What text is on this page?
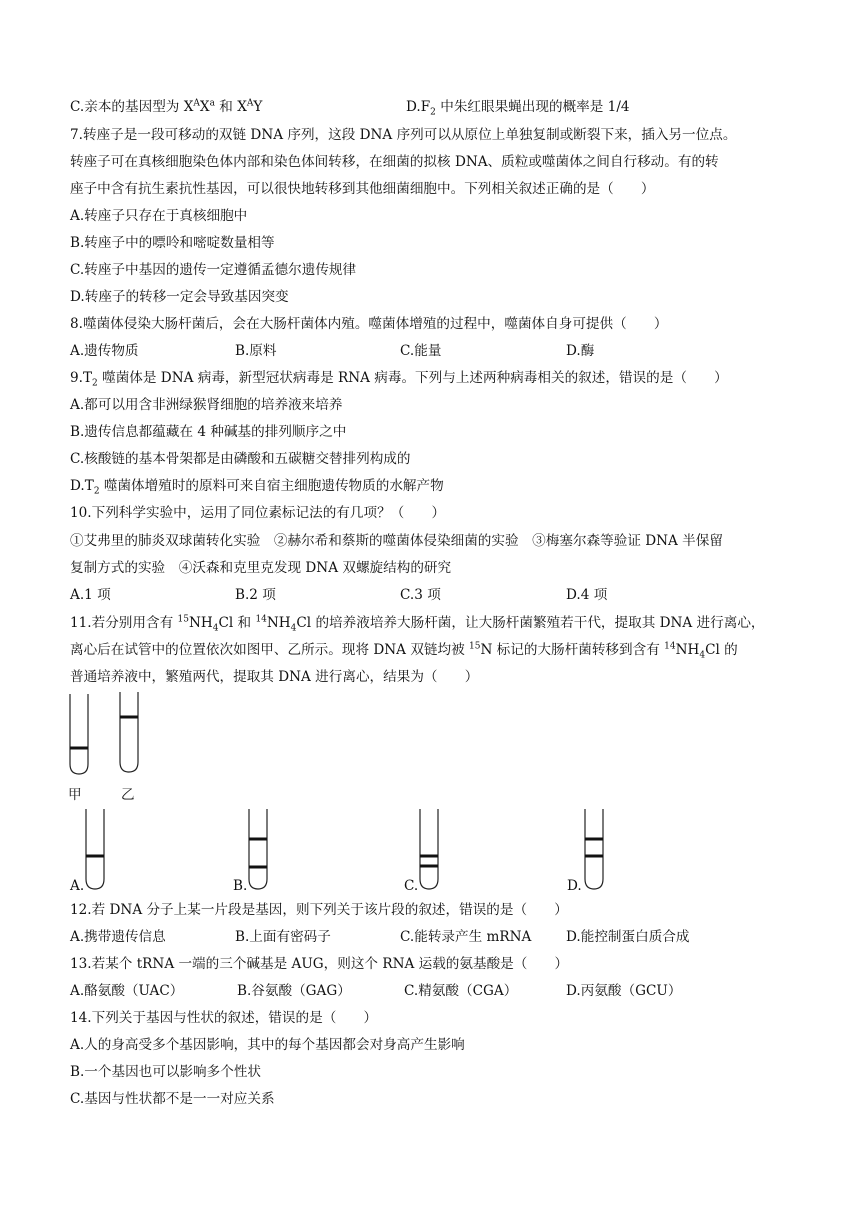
C.亲本的基因型为 $X^AX^a$ 和 $X^AY$	$D.F_2$ 中朱红眼果蝇出现的概率是 1/4
7.转座子是一段可移动的双链 DNA 序列，这段 DNA 序列可以从原位上单独复制或断裂下来，插入另一位点。
转座子可在真核细胞染色体内部和染色体间转移，在细菌的拟核 DNA、质粒或噬菌体之间自行移动。有的转
座子中含有抗生素抗性基因，可以很快地转移到其他细菌细胞中。下列相关叙述正确的是（　　）
A.转座子只存在于真核细胞中
B.转座子中的嘌呤和嘧啶数量相等
C.转座子中基因的遗传一定遵循孟德尔遗传规律
D.转座子的转移一定会导致基因突变
8.噬菌体侵染大肠杆菌后，会在大肠杆菌体内殖。噬菌体增殖的过程中，噬菌体自身可提供（　　）
A.遗传物质	B.原料	C.能量	D.酶
$9.T_2$ 噬菌体是 DNA 病毒，新型冠状病毒是 RNA 病毒。下列与上述两种病毒相关的叙述，错误的是（　　）
A.都可以用含非洲绿猴肾细胞的培养液来培养
B.遗传信息都蕴藏在 4 种碱基的排列顺序之中
C.核酸链的基本骨架都是由磷酸和五碳糖交替排列构成的
$D.T_2$ 噬菌体增殖时的原料可来自宿主细胞遗传物质的水解产物
10.下列科学实验中，运用了同位素标记法的有几项？（　　）
①艾弗里的肺炎双球菌转化实验　②赫尔希和蔡斯的噬菌体侵染细菌的实验　③梅塞尔森等验证 DNA 半保留
复制方式的实验　④沃森和克里克发现 DNA 双螺旋结构的研究
A.1 项	B.2 项	C.3 项	D.4 项
11.若分别用含有 $^{15}NH_4Cl$ 和 $^{14}NH_4Cl$ 的培养液培养大肠杆菌，让大肠杆菌繁殖若干代，提取其 DNA 进行离心，
离心后在试管中的位置依次如图甲、乙所示。现将 DNA 双链均被 $^{15}$N 标记的大肠杆菌转移到含有 $^{14}NH_4Cl$ 的
普通培养液中，繁殖两代，提取其 DNA 进行离心，结果为（　　）
甲	乙
A.	B.	C.	D.
12.若 DNA 分子上某一片段是基因，则下列关于该片段的叙述，错误的是（　　）
A.携带遗传信息	B.上面有密码子	C.能转录产生 mRNA	D.能控制蛋白质合成
13.若某个 tRNA 一端的三个碱基是 AUG，则这个 RNA 运载的氨基酸是（　　）
A.酪氨酸（UAC）	B.谷氨酸（GAG）	C.精氨酸（CGA）	D.丙氨酸（GCU）
14.下列关于基因与性状的叙述，错误的是（　　）
A.人的身高受多个基因影响，其中的每个基因都会对身高产生影响
B.一个基因也可以影响多个性状
C.基因与性状都不是一一对应关系
